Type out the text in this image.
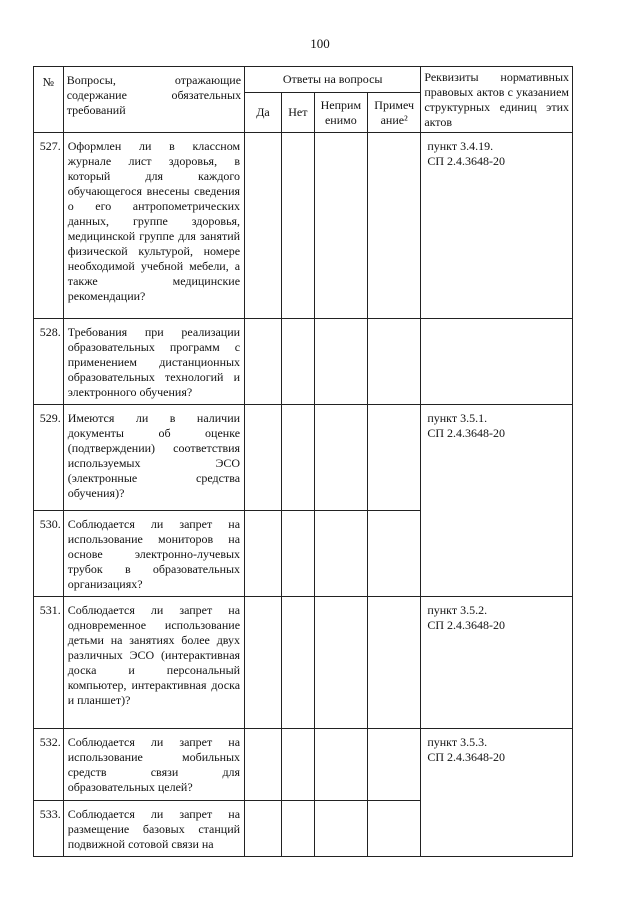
100
№	Вопросы, отражающие содержание обязательных требований	Ответы на вопросы				Реквизиты нормативных правовых актов с указанием структурных единиц этих актов
		Да	Нет	Неприм енимо	Примеч ание²	
527.	Оформлен ли в классном журнале лист здоровья, в который для каждого обучающегося внесены сведения о его антропометрических данных, группе здоровья, медицинской группе для занятий физической культурой, номере необходимой учебной мебели, а также медицинские рекомендации?					пункт 3.4.19.
СП 2.4.3648-20
528.	Требования при реализации образовательных программ с применением дистанционных образовательных технологий и электронного обучения?					
529.	Имеются ли в наличии документы об оценке (подтверждении) соответствия используемых ЭСО (электронные средства обучения)?					пункт 3.5.1.
СП 2.4.3648-20
530.	Соблюдается ли запрет на использование мониторов на основе электронно-лучевых трубок в образовательных организациях?					
531.	Соблюдается ли запрет на одновременное использование детьми на занятиях более двух различных ЭСО (интерактивная доска и персональный компьютер, интерактивная доска и планшет)?					пункт 3.5.2.
СП 2.4.3648-20
532.	Соблюдается ли запрет на использование мобильных средств связи для образовательных целей?					пункт 3.5.3.
СП 2.4.3648-20
533.	Соблюдается ли запрет на размещение базовых станций подвижной сотовой связи на					
